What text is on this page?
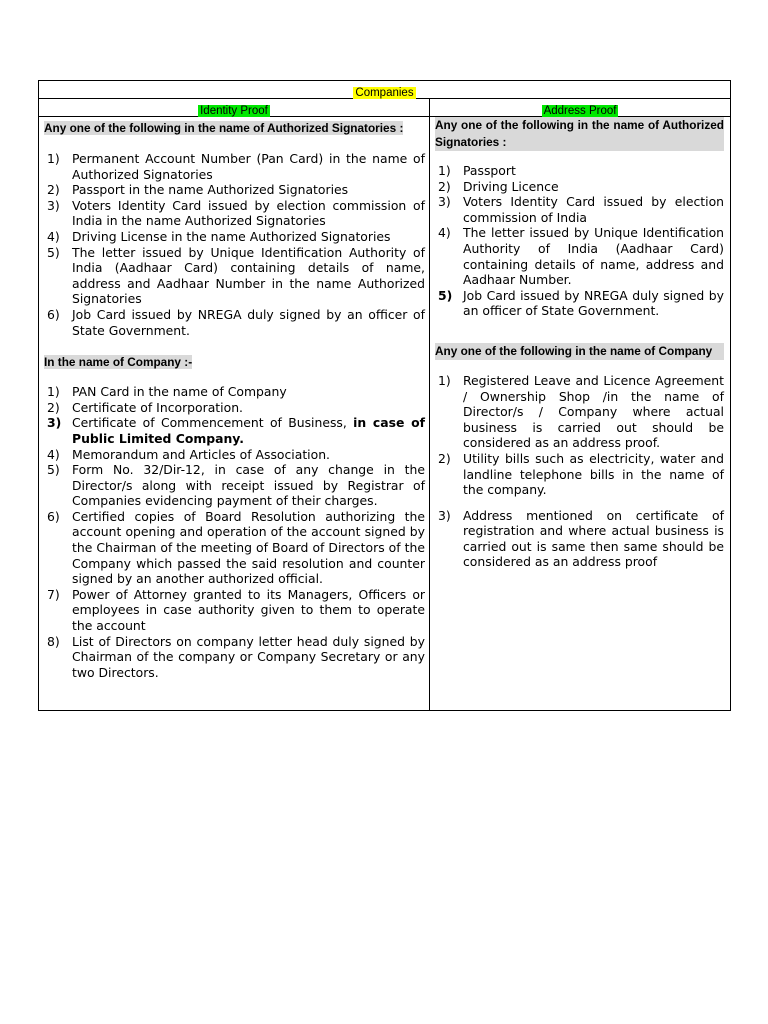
Companies
Identity Proof	Address Proof
Any one of the following in the name of Authorized Signatories :
1) Permanent Account Number (Pan Card) in the name of Authorized Signatories
2) Passport in the name Authorized Signatories
3) Voters Identity Card issued by election commission of India in the name Authorized Signatories
4) Driving License in the name Authorized Signatories
5) The letter issued by Unique Identification Authority of India (Aadhaar Card) containing details of name, address and Aadhaar Number in the name Authorized Signatories
6) Job Card issued by NREGA duly signed by an officer of State Government.
In the name of Company :-
1) PAN Card in the name of Company
2) Certificate of Incorporation.
3) Certificate of Commencement of Business, in case of Public Limited Company.
4) Memorandum and Articles of Association.
5) Form No. 32/Dir-12, in case of any change in the Director/s along with receipt issued by Registrar of Companies evidencing payment of their charges.
6) Certified copies of Board Resolution authorizing the account opening and operation of the account signed by the Chairman of the meeting of Board of Directors of the Company which passed the said resolution and counter signed by an another authorized official.
7) Power of Attorney granted to its Managers, Officers or employees in case authority given to them to operate the account
8) List of Directors on company letter head duly signed by Chairman of the company or Company Secretary or any two Directors.
Any one of the following in the name of Authorized Signatories :
1) Passport
2) Driving Licence
3) Voters Identity Card issued by election commission of India
4) The letter issued by Unique Identification Authority of India (Aadhaar Card) containing details of name, address and Aadhaar Number.
5) Job Card issued by NREGA duly signed by an officer of State Government.
Any one of the following in the name of Company
1) Registered Leave and Licence Agreement / Ownership Shop /in the name of Director/s / Company where actual business is carried out should be considered as an address proof.
2) Utility bills such as electricity, water and landline telephone bills in the name of the company.
3) Address mentioned on certificate of registration and where actual business is carried out is same then same should be considered as an address proof
